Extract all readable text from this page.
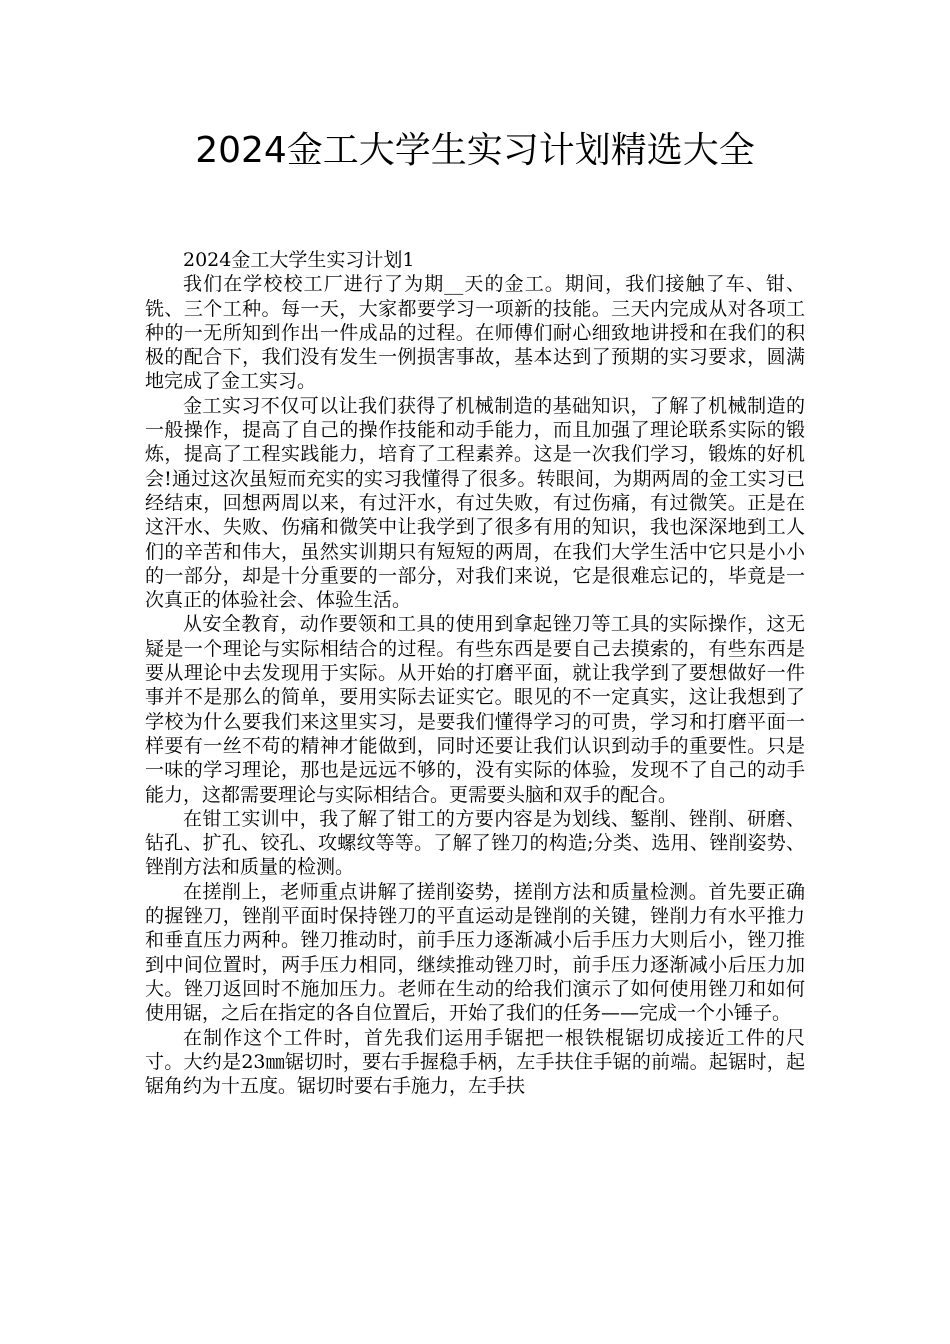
2024金工大学生实习计划精选大全

2024金工大学生实习计划1

我们在学校校工厂进行了为期__天的金工。期间，我们接触了车、钳、铣、三个工种。每一天，大家都要学习一项新的技能。三天内完成从对各项工种的一无所知到作出一件成品的过程。在师傅们耐心细致地讲授和在我们的积极的配合下，我们没有发生一例损害事故，基本达到了预期的实习要求，圆满地完成了金工实习。

金工实习不仅可以让我们获得了机械制造的基础知识，了解了机械制造的一般操作，提高了自己的操作技能和动手能力，而且加强了理论联系实际的锻炼，提高了工程实践能力，培育了工程素养。这是一次我们学习，锻炼的好机会!通过这次虽短而充实的实习我懂得了很多。转眼间，为期两周的金工实习已经结束，回想两周以来，有过汗水，有过失败，有过伤痛，有过微笑。正是在这汗水、失败、伤痛和微笑中让我学到了很多有用的知识，我也深深地到工人们的辛苦和伟大，虽然实训期只有短短的两周，在我们大学生活中它只是小小的一部分，却是十分重要的一部分，对我们来说，它是很难忘记的，毕竟是一次真正的体验社会、体验生活。

从安全教育，动作要领和工具的使用到拿起锉刀等工具的实际操作，这无疑是一个理论与实际相结合的过程。有些东西是要自己去摸索的，有些东西是要从理论中去发现用于实际。从开始的打磨平面，就让我学到了要想做好一件事并不是那么的简单，要用实际去证实它。眼见的不一定真实，这让我想到了学校为什么要我们来这里实习，是要我们懂得学习的可贵，学习和打磨平面一样要有一丝不苟的精神才能做到，同时还要让我们认识到动手的重要性。只是一味的学习理论，那也是远远不够的，没有实际的体验，发现不了自己的动手能力，这都需要理论与实际相结合。更需要头脑和双手的配合。

在钳工实训中，我了解了钳工的方要内容是为划线、錾削、锉削、研磨、钻孔、扩孔、铰孔、攻螺纹等等。了解了锉刀的构造;分类、选用、锉削姿势、锉削方法和质量的检测。

在搓削上，老师重点讲解了搓削姿势，搓削方法和质量检测。首先要正确的握锉刀，锉削平面时保持锉刀的平直运动是锉削的关键，锉削力有水平推力和垂直压力两种。锉刀推动时，前手压力逐渐减小后手压力大则后小，锉刀推到中间位置时，两手压力相同，继续推动锉刀时，前手压力逐渐减小后压力加大。锉刀返回时不施加压力。老师在生动的给我们演示了如何使用锉刀和如何使用锯，之后在指定的各自位置后，开始了我们的任务——完成一个小锤子。

在制作这个工件时，首先我们运用手锯把一根铁棍锯切成接近工件的尺寸。大约是23㎜锯切时，要右手握稳手柄，左手扶住手锯的前端。起锯时，起锯角约为十五度。锯切时要右手施力，左手扶
